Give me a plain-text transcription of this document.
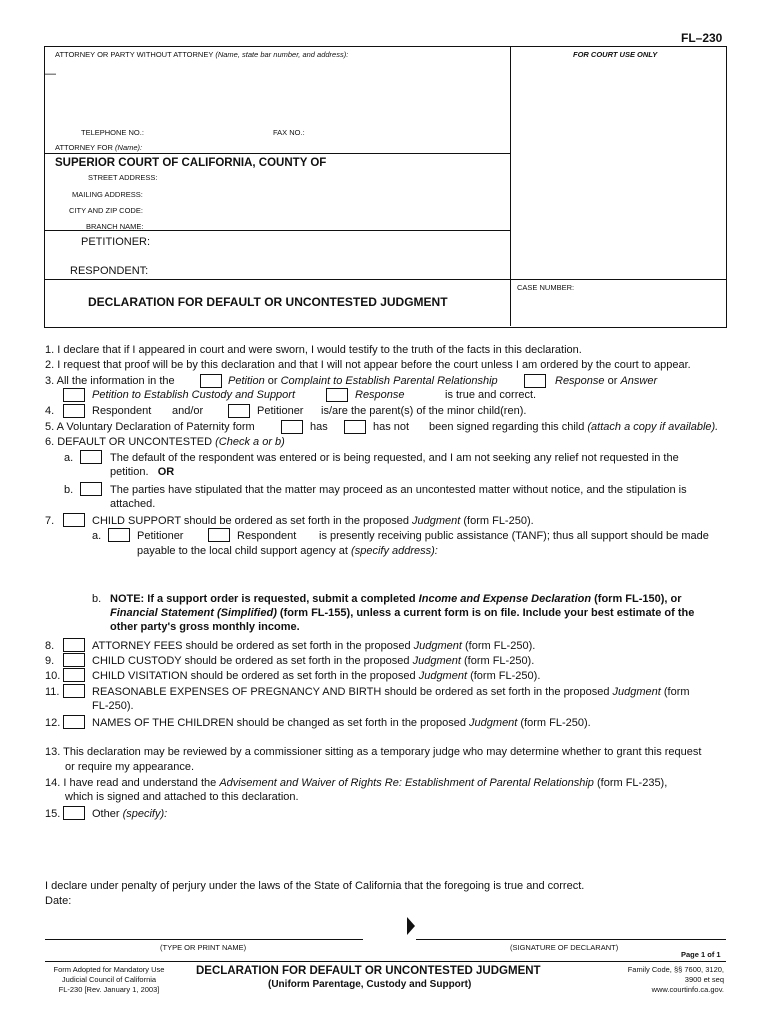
FL–230
ATTORNEY OR PARTY WITHOUT ATTORNEY (Name, state bar number, and address):
—
FOR COURT USE ONLY
TELEPHONE NO.:	FAX NO.:
ATTORNEY FOR (Name):
SUPERIOR COURT OF CALIFORNIA, COUNTY OF
STREET ADDRESS:
MAILING ADDRESS:
CITY AND ZIP CODE:
BRANCH NAME:
PETITIONER:
RESPONDENT:
CASE NUMBER:
DECLARATION FOR DEFAULT OR UNCONTESTED JUDGMENT
1. I declare that if I appeared in court and were sworn, I would testify to the truth of the facts in this declaration.
2. I request that proof will be by this declaration and that I will not appear before the court unless I am ordered by the court to appear.
3. All the information in the	Petition or Complaint to Establish Parental Relationship	Response or Answer
Petition to Establish Custody and Support	Response	is true and correct.
4.	Respondent and/or	Petitioner is/are the parent(s) of the minor child(ren).
5. A Voluntary Declaration of Paternity form	has	has not been signed regarding this child (attach a copy if available).
6. DEFAULT OR UNCONTESTED (Check a or b)
a.	The default of the respondent was entered or is being requested, and I am not seeking any relief not requested in the
petition. OR
b.	The parties have stipulated that the matter may proceed as an uncontested matter without notice, and the stipulation is
attached.
7.	CHILD SUPPORT should be ordered as set forth in the proposed Judgment (form FL-250).
a.	Petitioner	Respondent is presently receiving public assistance (TANF); thus all support should be made
payable to the local child support agency at (specify address):
b. NOTE: If a support order is requested, submit a completed Income and Expense Declaration (form FL-150), or
Financial Statement (Simplified) (form FL-155), unless a current form is on file. Include your best estimate of the
other party's gross monthly income.
8.	ATTORNEY FEES should be ordered as set forth in the proposed Judgment (form FL-250).
9.	CHILD CUSTODY should be ordered as set forth in the proposed Judgment (form FL-250).
10.	CHILD VISITATION should be ordered as set forth in the proposed Judgment (form FL-250).
11.	REASONABLE EXPENSES OF PREGNANCY AND BIRTH should be ordered as set forth in the proposed Judgment (form
FL-250).
12.	NAMES OF THE CHILDREN should be changed as set forth in the proposed Judgment (form FL-250).
13. This declaration may be reviewed by a commissioner sitting as a temporary judge who may determine whether to grant this request
or require my appearance.
14. I have read and understand the Advisement and Waiver of Rights Re: Establishment of Parental Relationship (form FL-235),
which is signed and attached to this declaration.
15.	Other (specify):
I declare under penalty of perjury under the laws of the State of California that the foregoing is true and correct.
Date:
(TYPE OR PRINT NAME)	(SIGNATURE OF DECLARANT)
Page 1 of 1
Form Adopted for Mandatory Use
Judicial Council of California
FL-230 [Rev. January 1, 2003]
DECLARATION FOR DEFAULT OR UNCONTESTED JUDGMENT
(Uniform Parentage, Custody and Support)
Family Code, §§ 7600, 3120,
3900 et seq
www.courtinfo.ca.gov.
